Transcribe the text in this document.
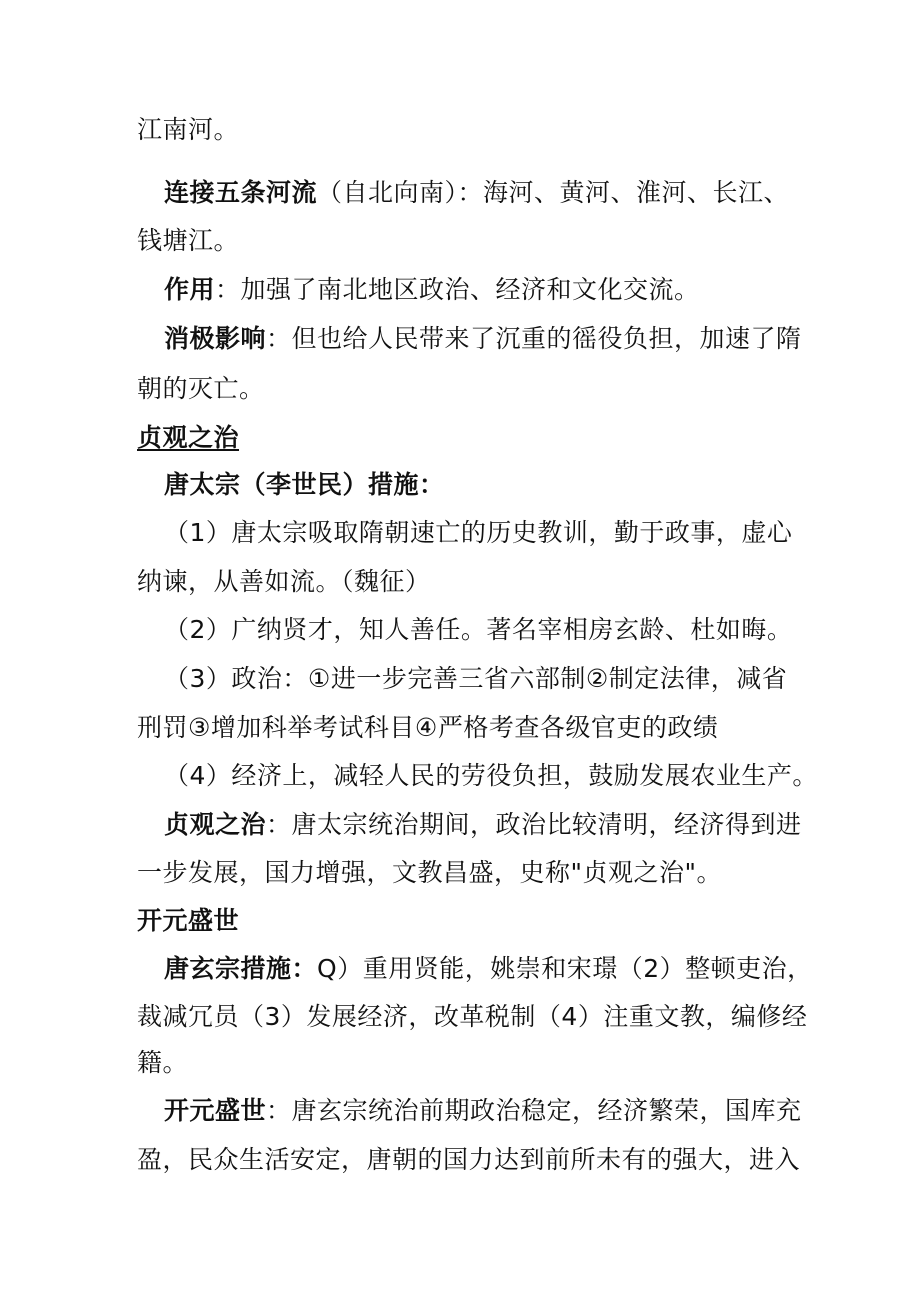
江南河。
连接五条河流（自北向南）：海河、黄河、淮河、长江、
钱塘江。
作用：加强了南北地区政治、经济和文化交流。
消极影响：但也给人民带来了沉重的徭役负担，加速了隋
朝的灭亡。
贞观之治
唐太宗（李世民）措施：
（1）唐太宗吸取隋朝速亡的历史教训，勤于政事，虚心
纳谏，从善如流。（魏征）
（2）广纳贤才，知人善任。著名宰相房玄龄、杜如晦。
（3）政治：①进一步完善三省六部制②制定法律，减省
刑罚③增加科举考试科目④严格考查各级官吏的政绩
（4）经济上，减轻人民的劳役负担，鼓励发展农业生产。
贞观之治：唐太宗统治期间，政治比较清明，经济得到进
一步发展，国力增强，文教昌盛，史称"贞观之治"。
开元盛世
唐玄宗措施：Q）重用贤能，姚崇和宋璟（2）整顿吏治，
裁减冗员（3）发展经济，改革税制（4）注重文教，编修经
籍。
开元盛世：唐玄宗统治前期政治稳定，经济繁荣，国库充
盈，民众生活安定，唐朝的国力达到前所未有的强大，进入
